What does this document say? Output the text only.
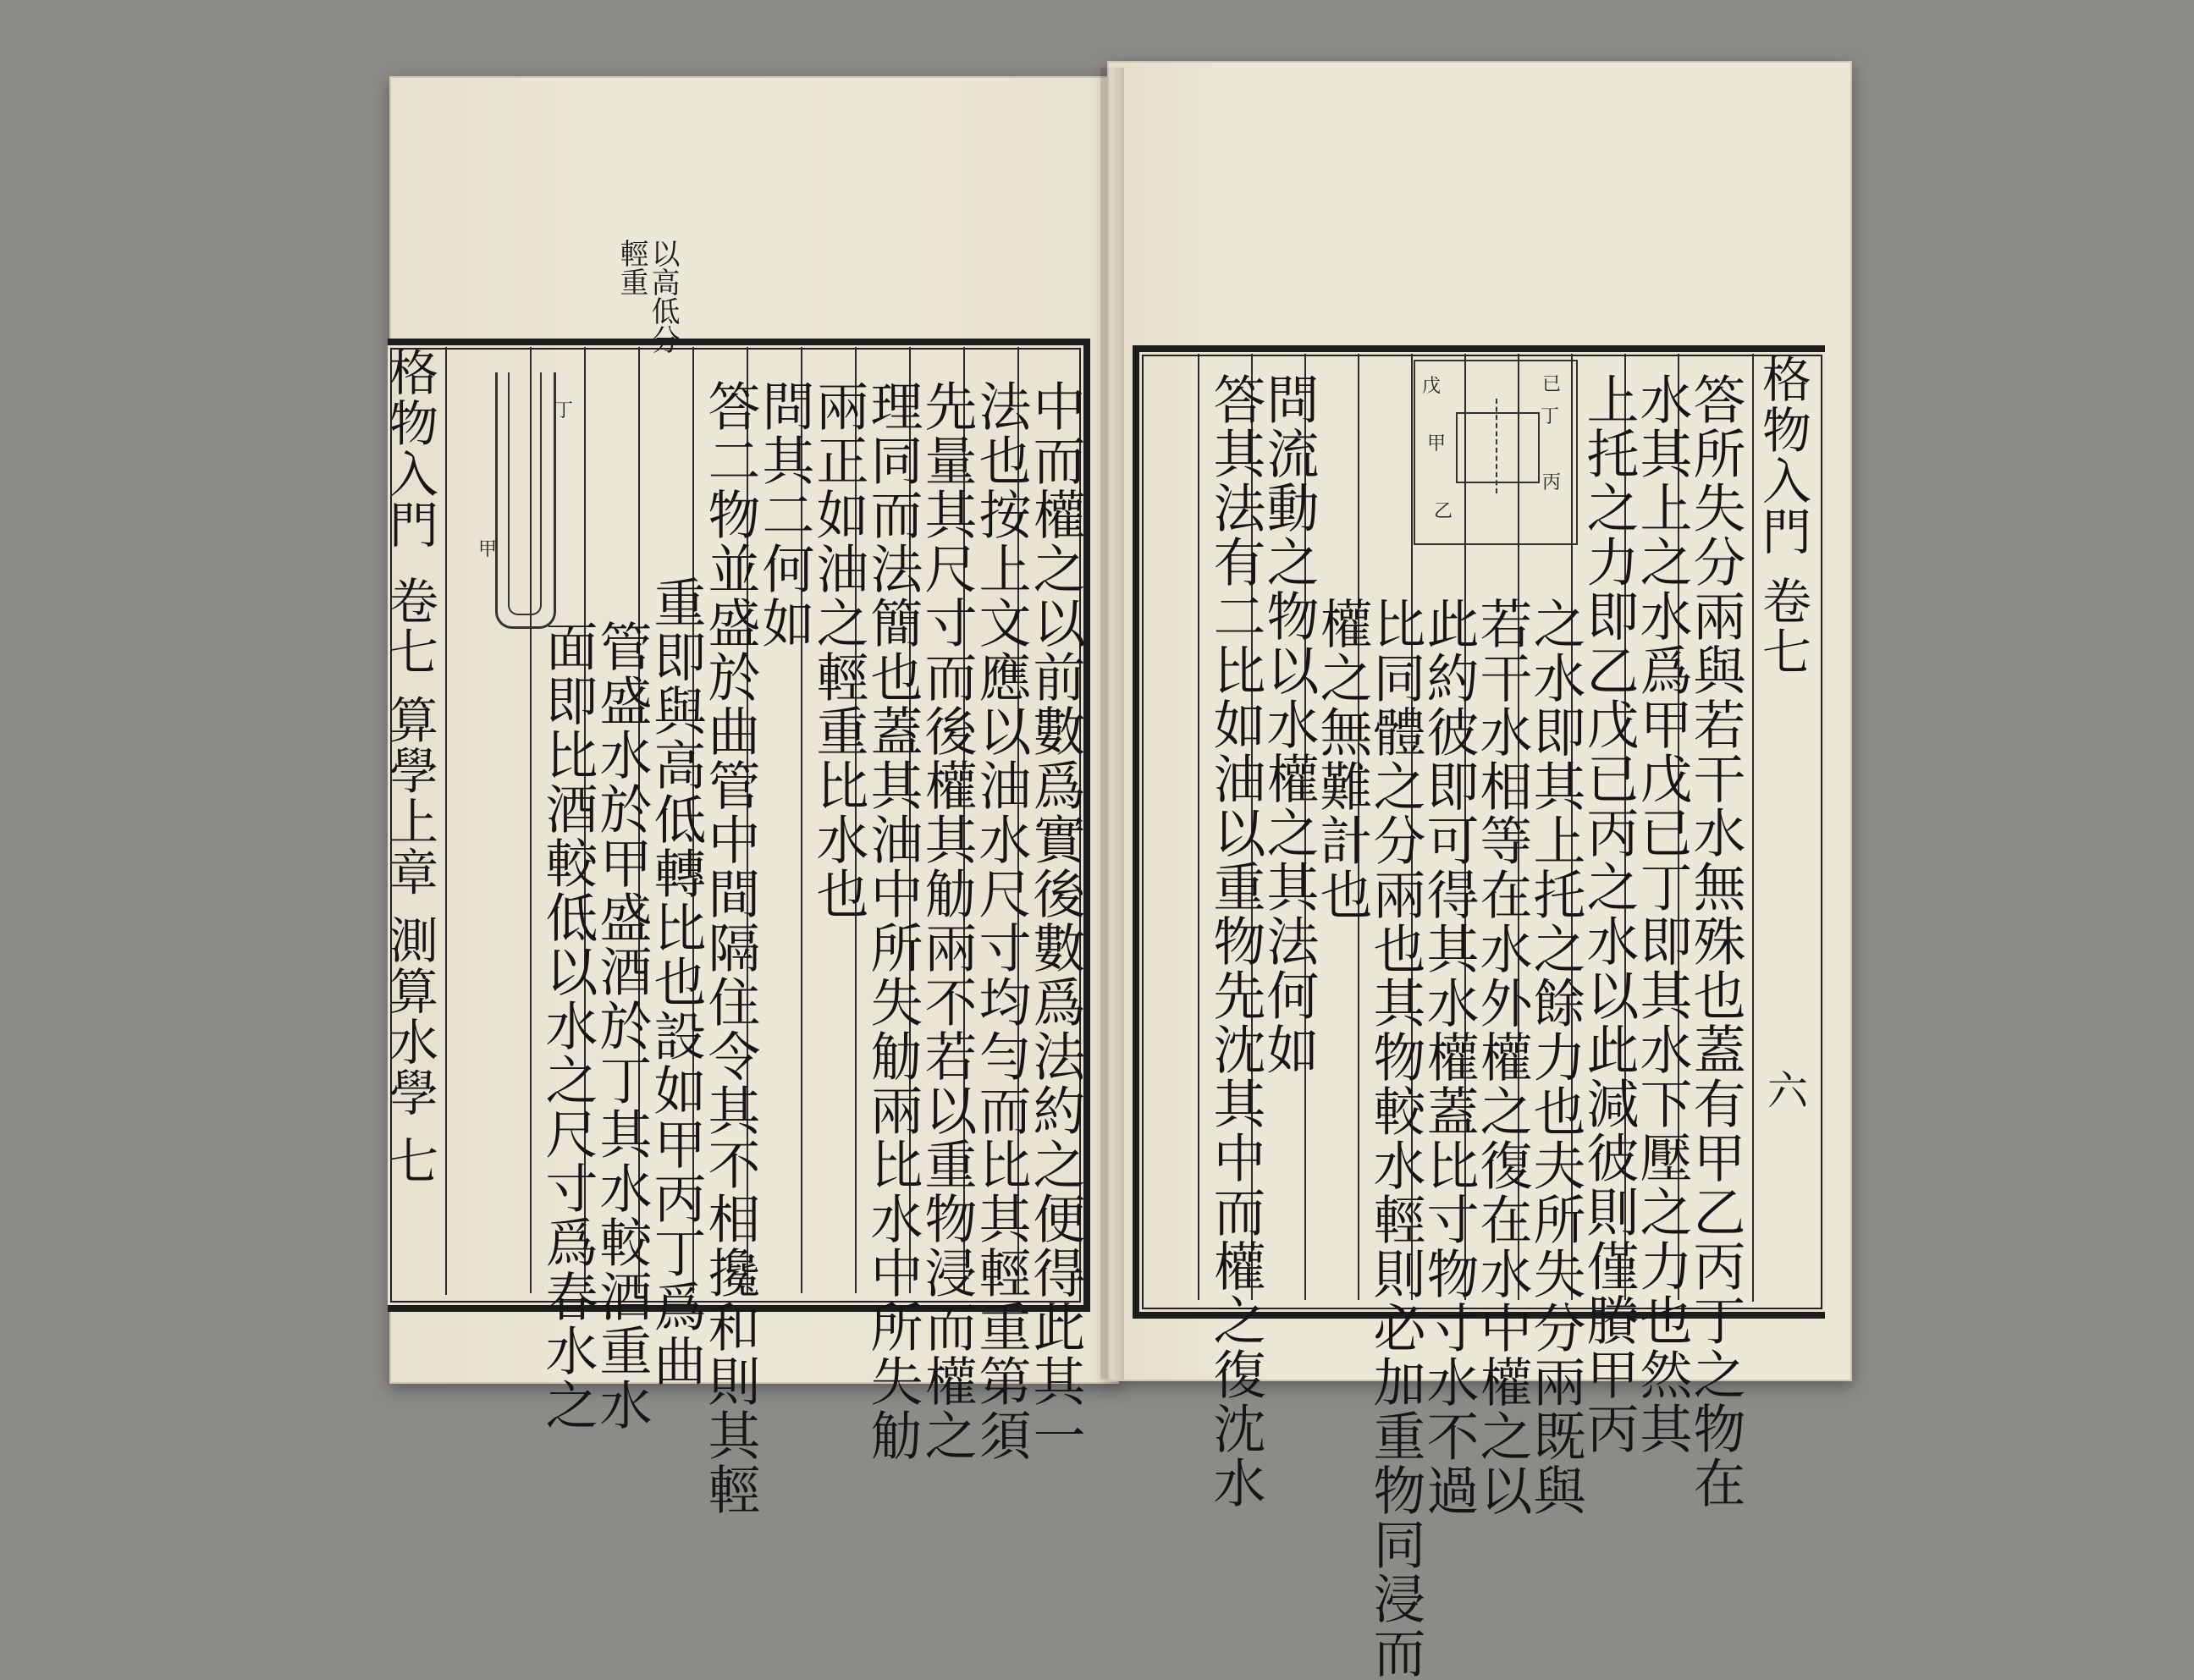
以高低分
輕重
格物入門
卷七 算學上章 測算水學 七
丁
甲	中而權之以前數爲實後數爲法約之便得此其一
法也按上文應以油水尺寸均勻而比其輕重第須
先量其尺寸而後權其觔兩不若以重物浸而權之
理同而法簡也蓋其油中所失觔兩比水中所失觔
兩正如油之輕重比水也
問其二何如
答二物並盛於曲管中間隔住令其不相攙和則其輕
重即與高低轉比也設如甲丙丁爲曲
管盛水於甲盛酒於丁其水較酒重水
面即比酒較低以水之尺寸爲春水之
格物入門
卷七
六
戊	已
丁
甲
丙
乙	答所失分兩與若干水無殊也蓋有甲乙丙丁之物在
水其上之水爲甲戊已丁即其水下壓之力也然其
上托之力即乙戊已丙之水以此減彼則僅賸甲丙
之水即其上托之餘力也夫所失分兩既與
若干水相等在水外權之復在水中權之以
此約彼即可得其水權蓋比寸物寸水不過
比同體之分兩也其物較水輕則必加重物同浸而
權之無難計也
問流動之物以水權之其法何如
答其法有二比如油以重物先沈其中而權之復沈水
